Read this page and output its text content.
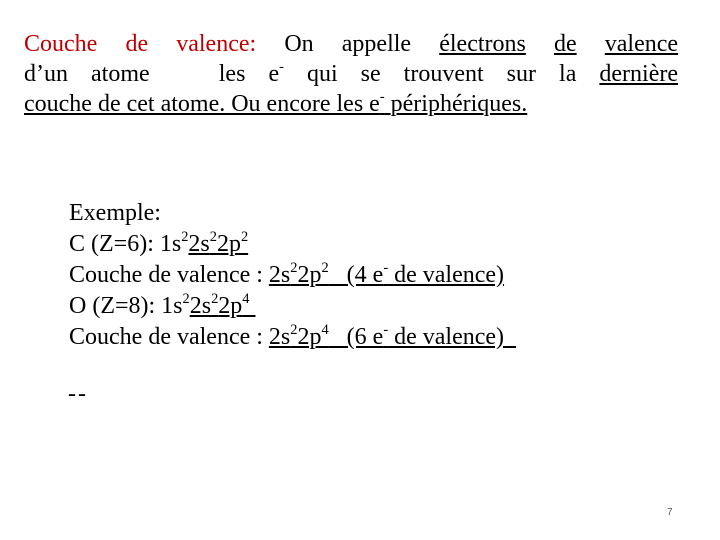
Couche de valence: On appelle électrons de valence
d’un atome   les e- qui se trouvent sur la dernière
couche de cet atome. Ou encore les e- périphériques.
Exemple:
C (Z=6): $1s^22s^22p^2$
Couche de valence : $2s^22p^2$   (4 e- de valence)
O (Z=8): $1s^22s^22p^4$
Couche de valence : $2s^22p^4$   (6 e- de valence)
--
7
